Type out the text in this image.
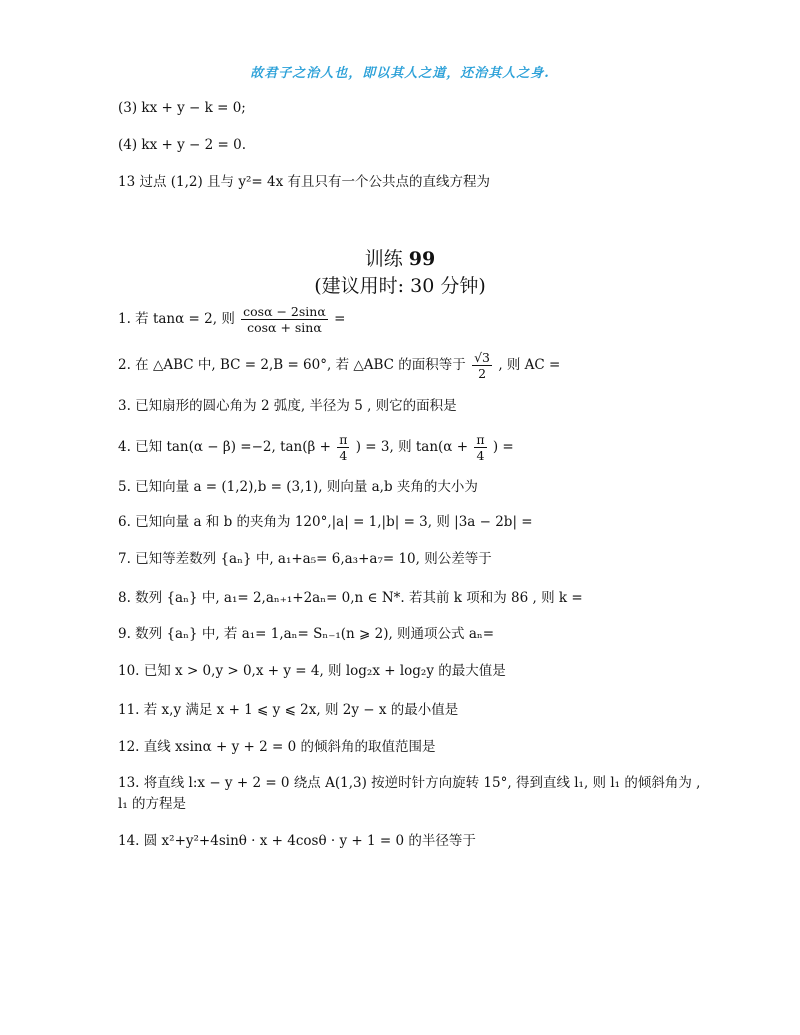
故君子之治人也，即以其人之道，还治其人之身.
(3) kx + y − k = 0;
(4) kx + y − 2 = 0.
13 过点 (1,2) 且与 y²= 4x 有且只有一个公共点的直线方程为
训练 99
(建议用时: 30 分钟)
1. 若 tanα = 2, 则 $\frac{\cos\alpha - 2\sin\alpha}{\cos\alpha + \sin\alpha}$ =
2. 在 △ABC 中, BC = 2,B = 60°, 若 △ABC 的面积等于 $\frac{√3}{2}$ , 则 AC =
3. 已知扇形的圆心角为 2 弧度, 半径为 5 , 则它的面积是
4. 已知 tan(α − β) =−2, $\tan(\beta + \frac{\pi}{4}$ ) = 3, 则 $\tan(\alpha + \frac{\pi}{4}$ ) =
5. 已知向量 a = (1,2),b = (3,1), 则向量 a,b 夹角的大小为
6. 已知向量 a 和 b 的夹角为 120°,|a| = 1,|b| = 3, 则 |3a − 2b| =
7. 已知等差数列 {aₙ} 中, a₁+a₅= 6,a₃+a₇= 10, 则公差等于
8. 数列 {aₙ} 中, a₁= 2,aₙ₊₁+2aₙ= 0,n ∈ N*. 若其前 k 项和为 86 , 则 k =
9. 数列 {aₙ} 中, 若 a₁= 1,aₙ= Sₙ₋₁(n ⩾ 2), 则通项公式 aₙ=
10. 已知 x > 0,y > 0,x + y = 4, 则 log₂x + log₂y 的最大值是
11. 若 x,y 满足 x + 1 ⩽ y ⩽ 2x, 则 2y − x 的最小值是
12. 直线 xsinα + y + 2 = 0 的倾斜角的取值范围是
13. 将直线 l:x − y + 2 = 0 绕点 A(1,3) 按逆时针方向旋转 15°, 得到直线 l₁, 则 l₁ 的倾斜角为 ,
l₁ 的方程是
14. 圆 x²+y²+4sinθ · x + 4cosθ · y + 1 = 0 的半径等于
